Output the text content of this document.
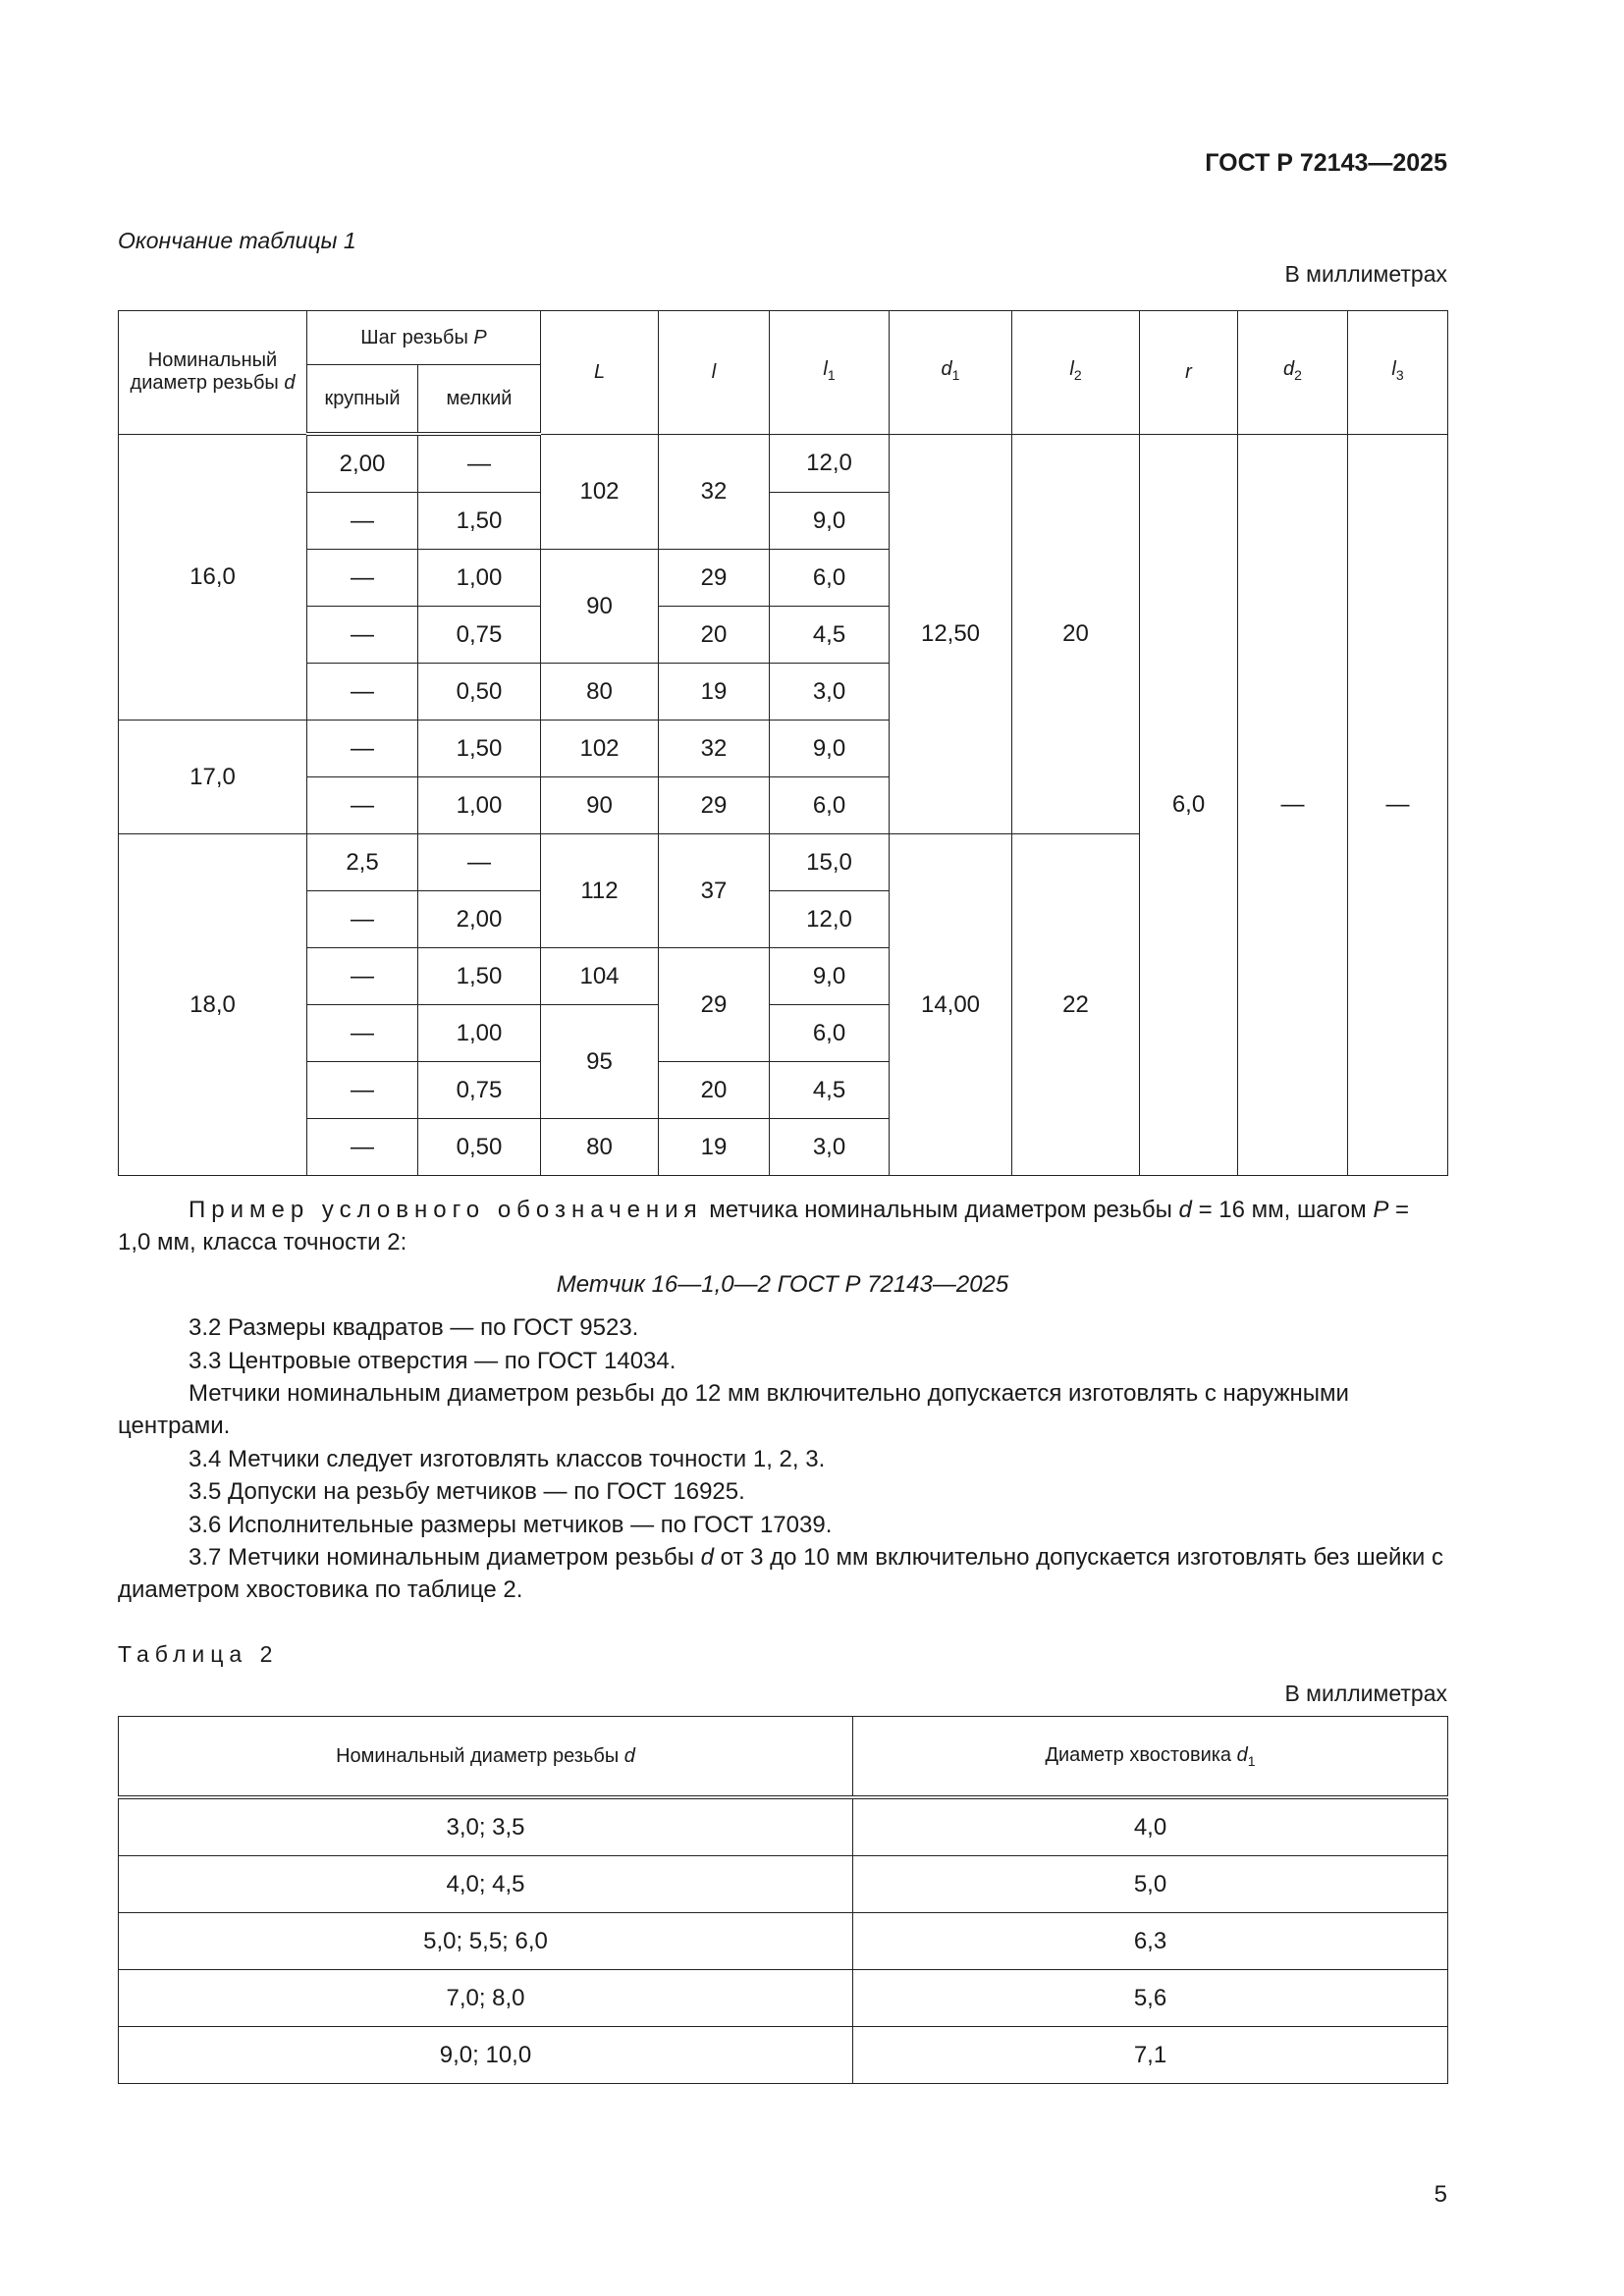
ГОСТ Р 72143—2025
Окончание таблицы 1
В миллиметрах
Номинальный диаметр резьбы d	Шаг резьбы P		L	l	$l_1$	$d_1$	$l_2$	r	$d_2$	$l_3$
	крупный	мелкий								
16,0	2,00	—	102	32	12,0	12,50	20	6,0	—	—
	—	1,50			9,0					
	—	1,00	90	29	6,0					
	—	0,75		20	4,5					
	—	0,50	80	19	3,0					
17,0	—	1,50	102	32	9,0					
	—	1,00	90	29	6,0					
18,0	2,5	—	112	37	15,0	14,00	22			
	—	2,00			12,0					
	—	1,50	104	29	9,0					
	—	1,00	95		6,0					
	—	0,75		20	4,5					
	—	0,50	80	19	3,0					
Пример условного обозначения метчика номинальным диаметром резьбы d = 16 мм, шагом P = 1,0 мм, класса точности 2:
Метчик 16—1,0—2 ГОСТ Р 72143—2025
3.2 Размеры квадратов — по ГОСТ 9523.
3.3 Центровые отверстия — по ГОСТ 14034.
Метчики номинальным диаметром резьбы до 12 мм включительно допускается изготовлять с наружными центрами.
3.4 Метчики следует изготовлять классов точности 1, 2, 3.
3.5 Допуски на резьбу метчиков — по ГОСТ 16925.
3.6 Исполнительные размеры метчиков — по ГОСТ 17039.
3.7 Метчики номинальным диаметром резьбы d от 3 до 10 мм включительно допускается изготовлять без шейки с диаметром хвостовика по таблице 2.
Таблица 2
В миллиметрах
Номинальный диаметр резьбы d	Диаметр хвостовика $d_1$
3,0; 3,5	4,0
4,0; 4,5	5,0
5,0; 5,5; 6,0	6,3
7,0; 8,0	5,6
9,0; 10,0	7,1
5
